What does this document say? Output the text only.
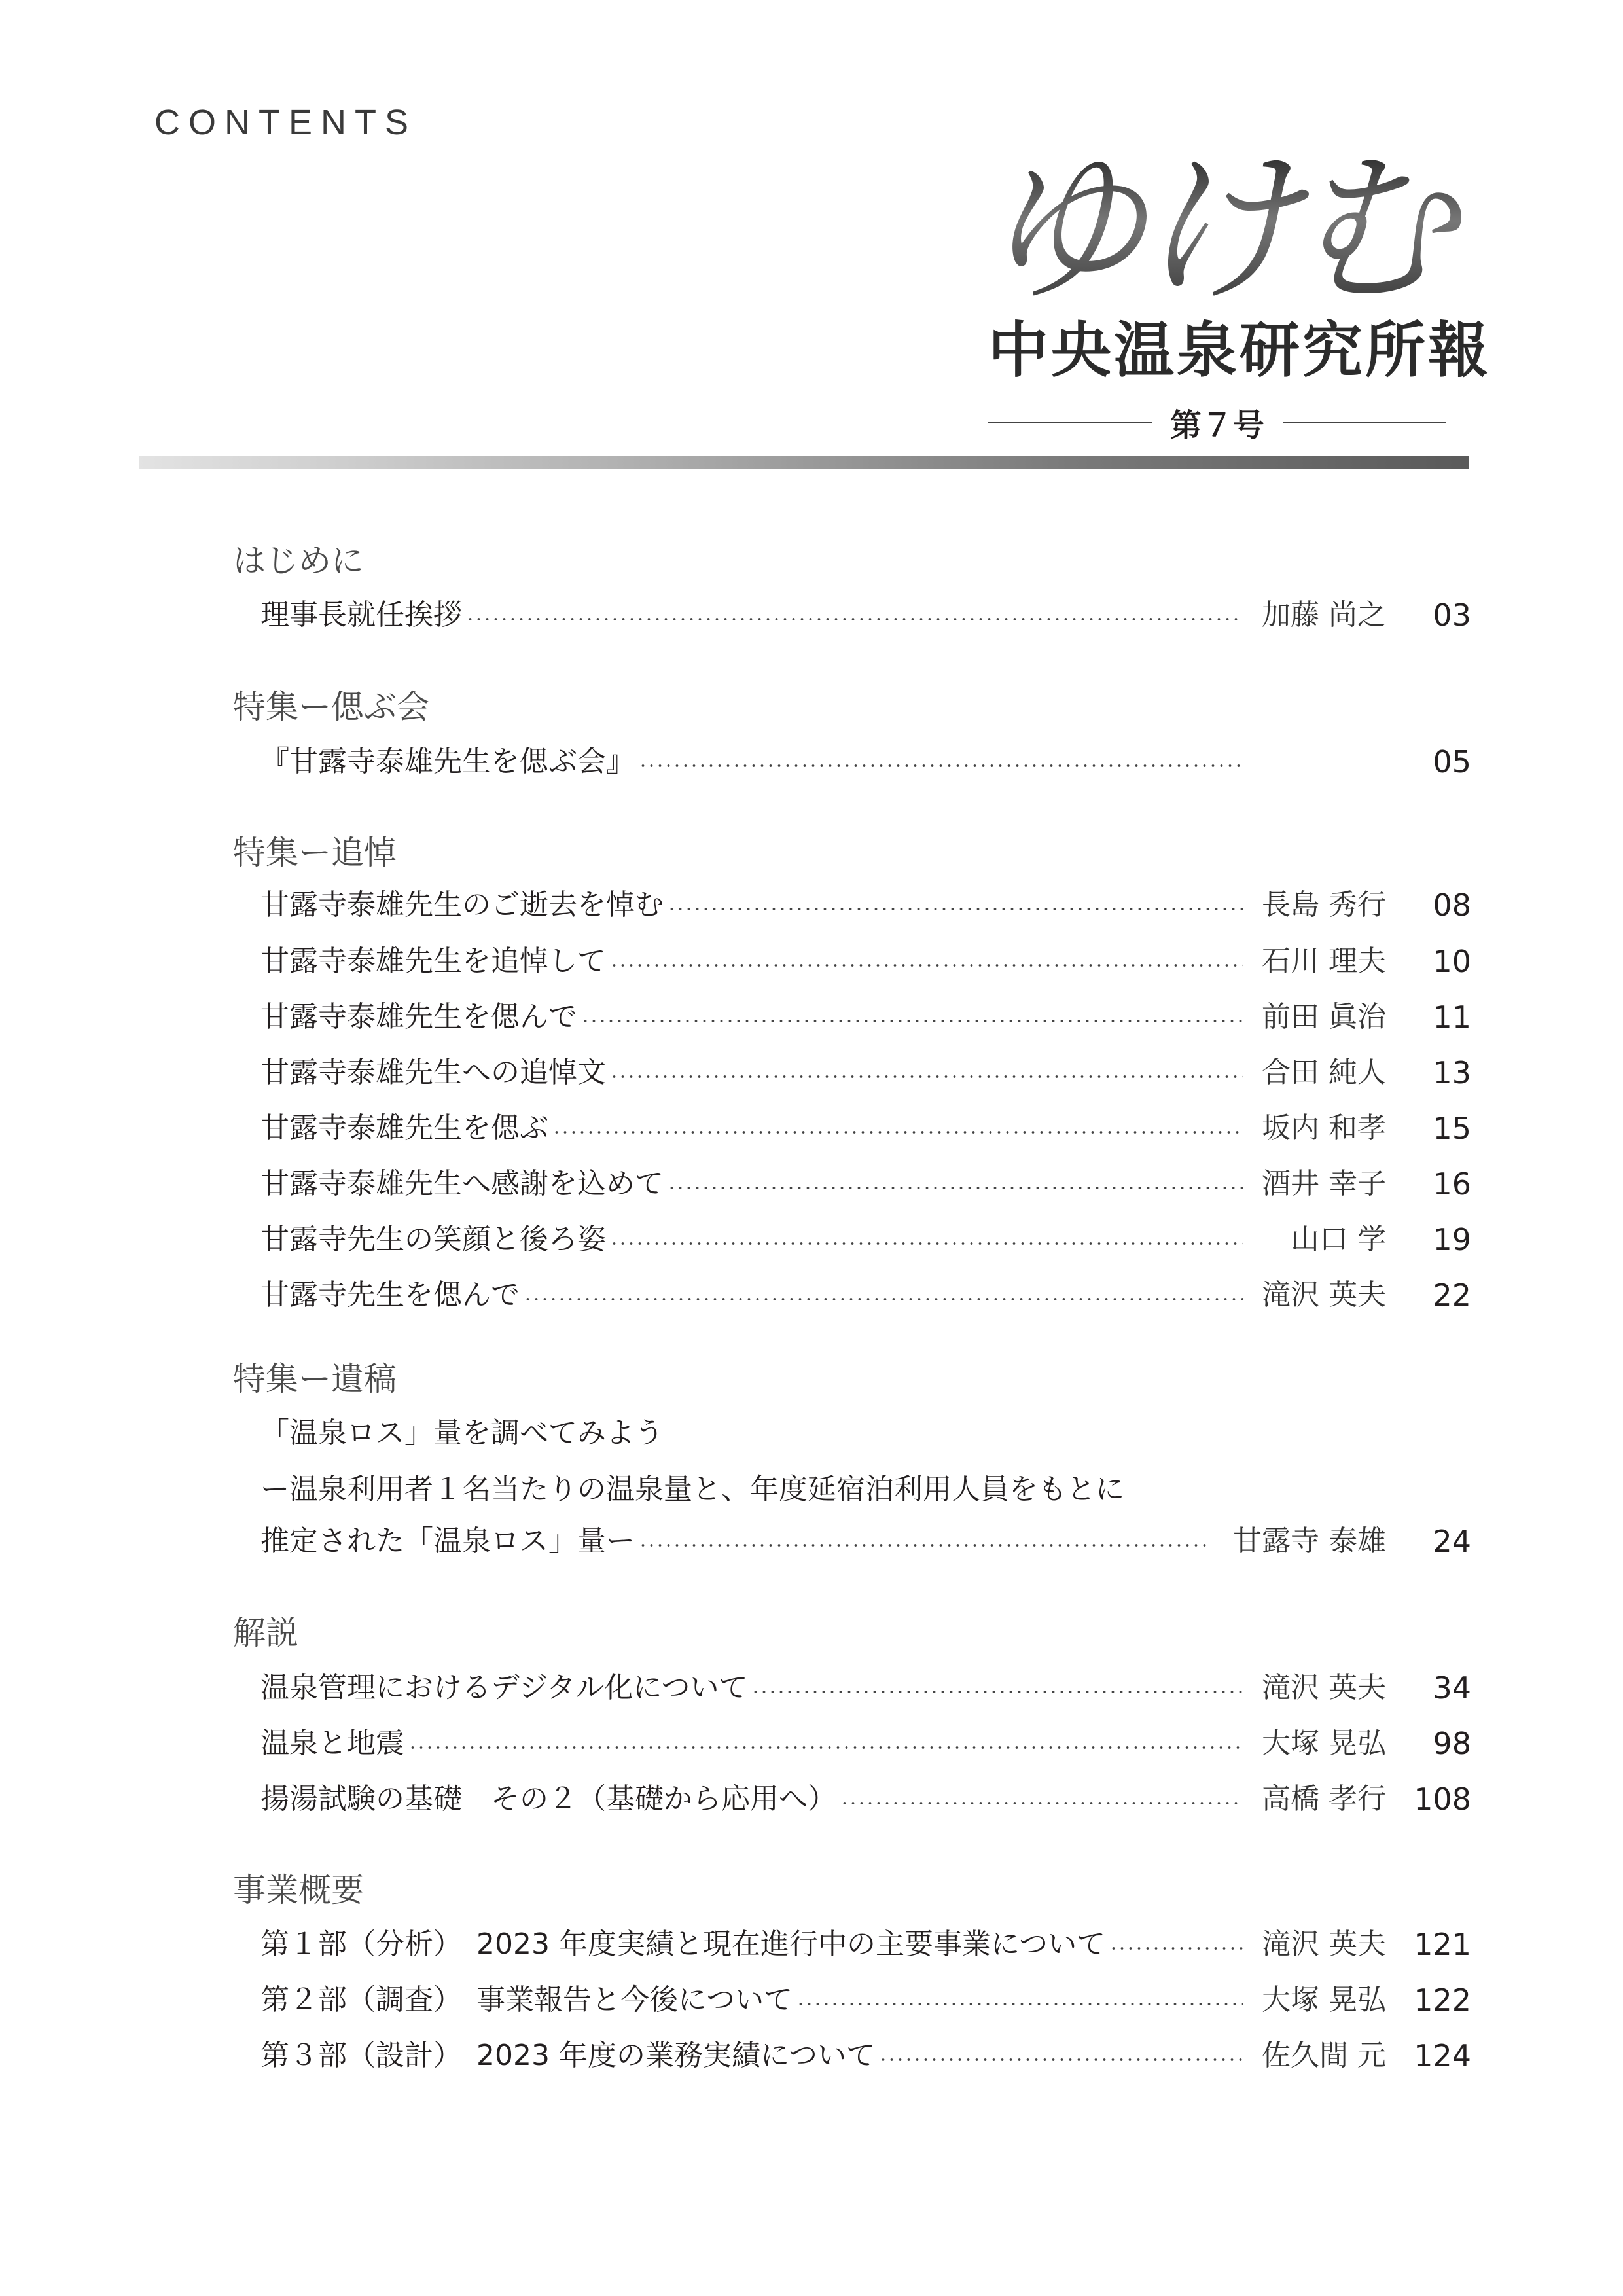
CONTENTS
ゆけむり
中央温泉研究所報
第７号
はじめに
理事長就任挨拶	加藤 尚之	03
特集ー偲ぶ会
『甘露寺泰雄先生を偲ぶ会』	05
特集ー追悼
甘露寺泰雄先生のご逝去を悼む	長島 秀行	08
甘露寺泰雄先生を追悼して	石川 理夫	10
甘露寺泰雄先生を偲んで	前田 眞治	11
甘露寺泰雄先生への追悼文	合田 純人	13
甘露寺泰雄先生を偲ぶ	坂内 和孝	15
甘露寺泰雄先生へ感謝を込めて	酒井 幸子	16
甘露寺先生の笑顔と後ろ姿	山口 学	19
甘露寺先生を偲んで	滝沢 英夫	22
特集ー遺稿
「温泉ロス」量を調べてみよう
ー温泉利用者１名当たりの温泉量と、年度延宿泊利用人員をもとに
推定された「温泉ロス」量ー	甘露寺 泰雄	24
解説
温泉管理におけるデジタル化について	滝沢 英夫	34
温泉と地震	大塚 晃弘	98
揚湯試験の基礎　その２（基礎から応用へ）	高橋 孝行 108
事業概要
第１部（分析）　2023 年度実績と現在進行中の主要事業について	滝沢 英夫 121
第２部（調査）　事業報告と今後について	大塚 晃弘 122
第３部（設計）　2023 年度の業務実績について	佐久間 元 124
